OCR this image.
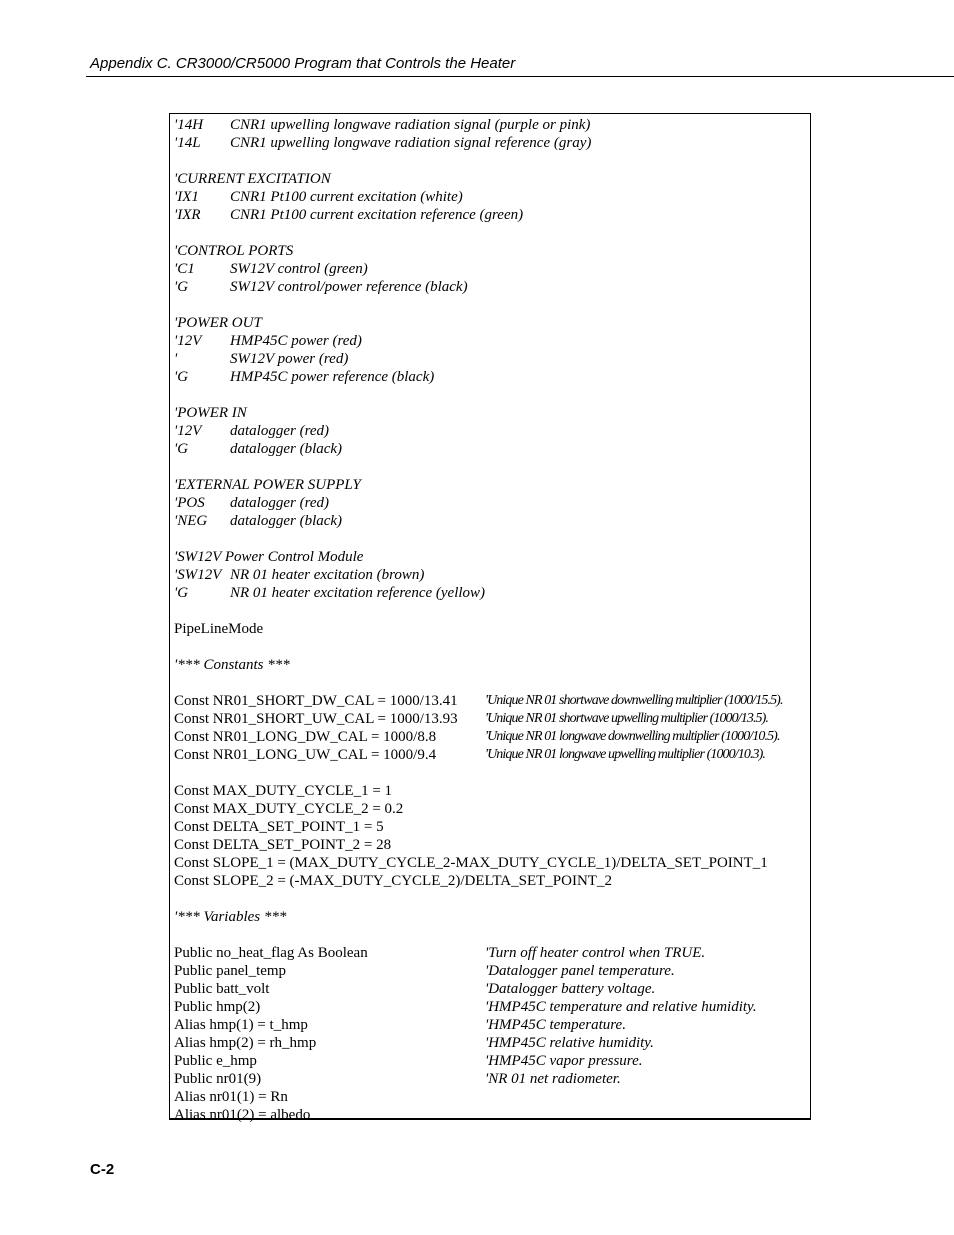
Appendix C. CR3000/CR5000 Program that Controls the Heater
'14H CNR1 upwelling longwave radiation signal (purple or pink)
'14L CNR1 upwelling longwave radiation signal reference (gray)
'CURRENT EXCITATION
'IX1 CNR1 Pt100 current excitation (white)
'IXR CNR1 Pt100 current excitation reference (green)
'CONTROL PORTS
'C1 SW12V control (green)
'G	SW12V control/power reference (black)
'POWER OUT
'12V HMP45C power (red)
'	SW12V power (red)
'G	HMP45C power reference (black)
'POWER IN
'12V datalogger (red)
'G	datalogger (black)
'EXTERNAL POWER SUPPLY
'POS datalogger (red)
'NEG datalogger (black)
'SW12V Power Control Module
'SW12V NR 01 heater excitation (brown)
'G	NR 01 heater excitation reference (yellow)
PipeLineMode
'*** Constants ***
Const NR01_SHORT_DW_CAL = 1000/13.41 'Unique NR 01 shortwave downwelling multiplier (1000/15.5).
Const NR01_SHORT_UW_CAL = 1000/13.93 'Unique NR 01 shortwave upwelling multiplier (1000/13.5).
Const NR01_LONG_DW_CAL = 1000/8.8	'Unique NR 01 longwave downwelling multiplier (1000/10.5).
Const NR01_LONG_UW_CAL = 1000/9.4	'Unique NR 01 longwave upwelling multiplier (1000/10.3).
Const MAX_DUTY_CYCLE_1 = 1
Const MAX_DUTY_CYCLE_2 = 0.2
Const DELTA_SET_POINT_1 = 5
Const DELTA_SET_POINT_2 = 28
Const SLOPE_1 = (MAX_DUTY_CYCLE_2-MAX_DUTY_CYCLE_1)/DELTA_SET_POINT_1
Const SLOPE_2 = (-MAX_DUTY_CYCLE_2)/DELTA_SET_POINT_2
'*** Variables ***
Public no_heat_flag As Boolean	'Turn off heater control when TRUE.
Public panel_temp	'Datalogger panel temperature.
Public batt_volt	'Datalogger battery voltage.
Public hmp(2)	'HMP45C temperature and relative humidity.
Alias hmp(1) = t_hmp	'HMP45C temperature.
Alias hmp(2) = rh_hmp	'HMP45C relative humidity.
Public e_hmp	'HMP45C vapor pressure.
Public nr01(9)	'NR 01 net radiometer.
Alias nr01(1) = Rn
Alias nr01(2) = albedo
C-2
